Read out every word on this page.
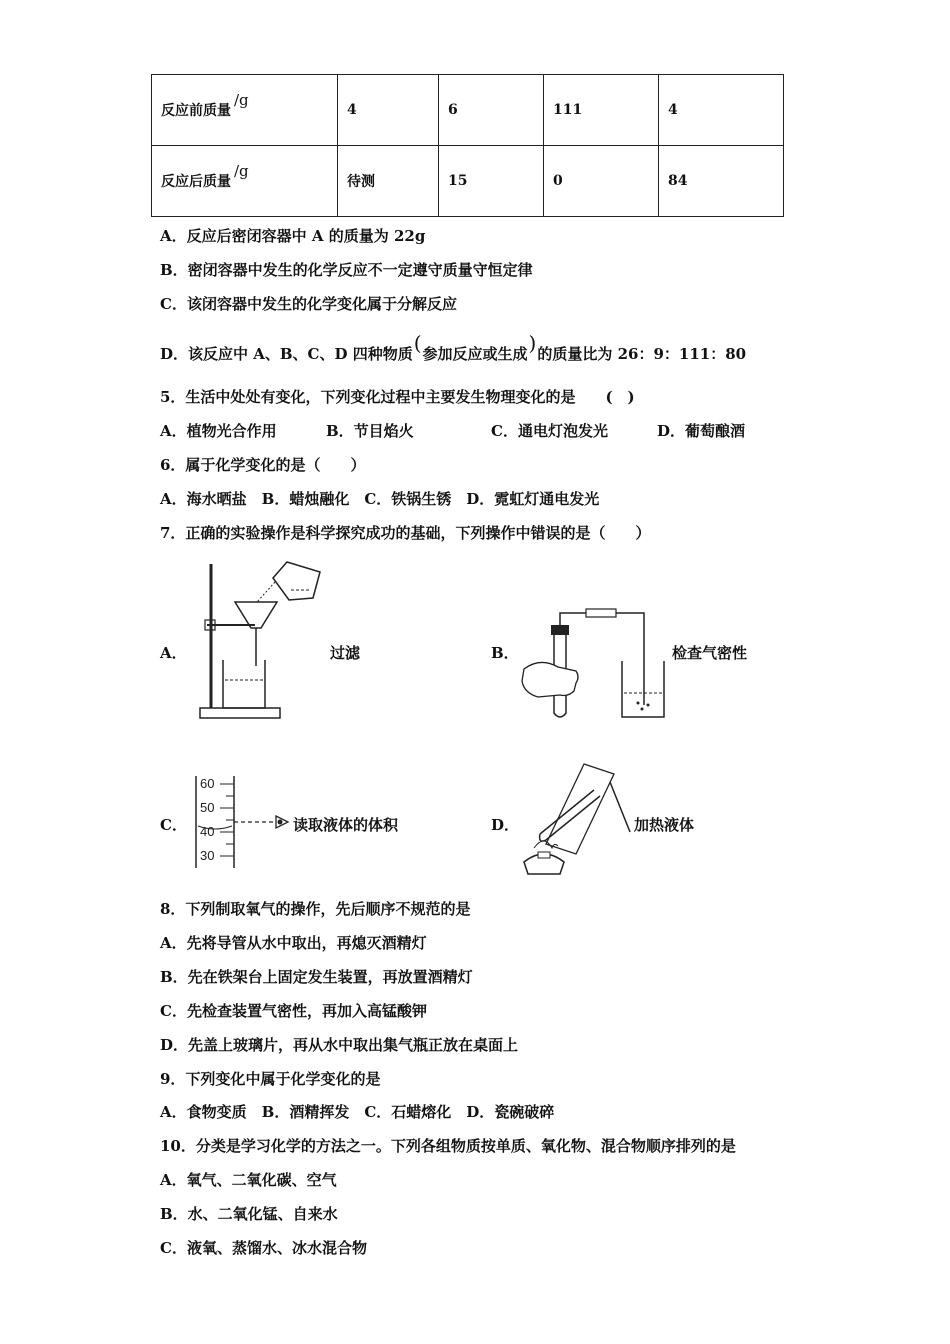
反应前质量/g	4	6	111	4
反应后质量/g	待测	15	0	84
A．反应后密闭容器中 A 的质量为 22g
B．密闭容器中发生的化学反应不一定遵守质量守恒定律
C．该闭容器中发生的化学变化属于分解反应
D．该反应中 A、B、C、D 四种物质(参加反应或生成)的质量比为 26：9：111：80
5．生活中处处有变化，下列变化过程中主要发生物理变化的是　　(　)
A．植物光合作用	B．节目焰火	C．通电灯泡发光	D．葡萄酿酒
6．属于化学变化的是（　　）
A．海水晒盐　B．蜡烛融化　C．铁锅生锈　D．霓虹灯通电发光
7．正确的实验操作是科学探究成功的基础，下列操作中错误的是（　　）
A．	过滤	B．	检查气密性
C．
60
50
40
30
读取液体的体积	D．	加热液体
8．下列制取氧气的操作，先后顺序不规范的是
A．先将导管从水中取出，再熄灭酒精灯
B．先在铁架台上固定发生装置，再放置酒精灯
C．先检查装置气密性，再加入高锰酸钾
D．先盖上玻璃片，再从水中取出集气瓶正放在桌面上
9．下列变化中属于化学变化的是
A．食物变质　B．酒精挥发　C．石蜡熔化　D．瓷碗破碎
10．分类是学习化学的方法之一。下列各组物质按单质、氧化物、混合物顺序排列的是
A．氧气、二氧化碳、空气
B．水、二氧化锰、自来水
C．液氧、蒸馏水、冰水混合物
